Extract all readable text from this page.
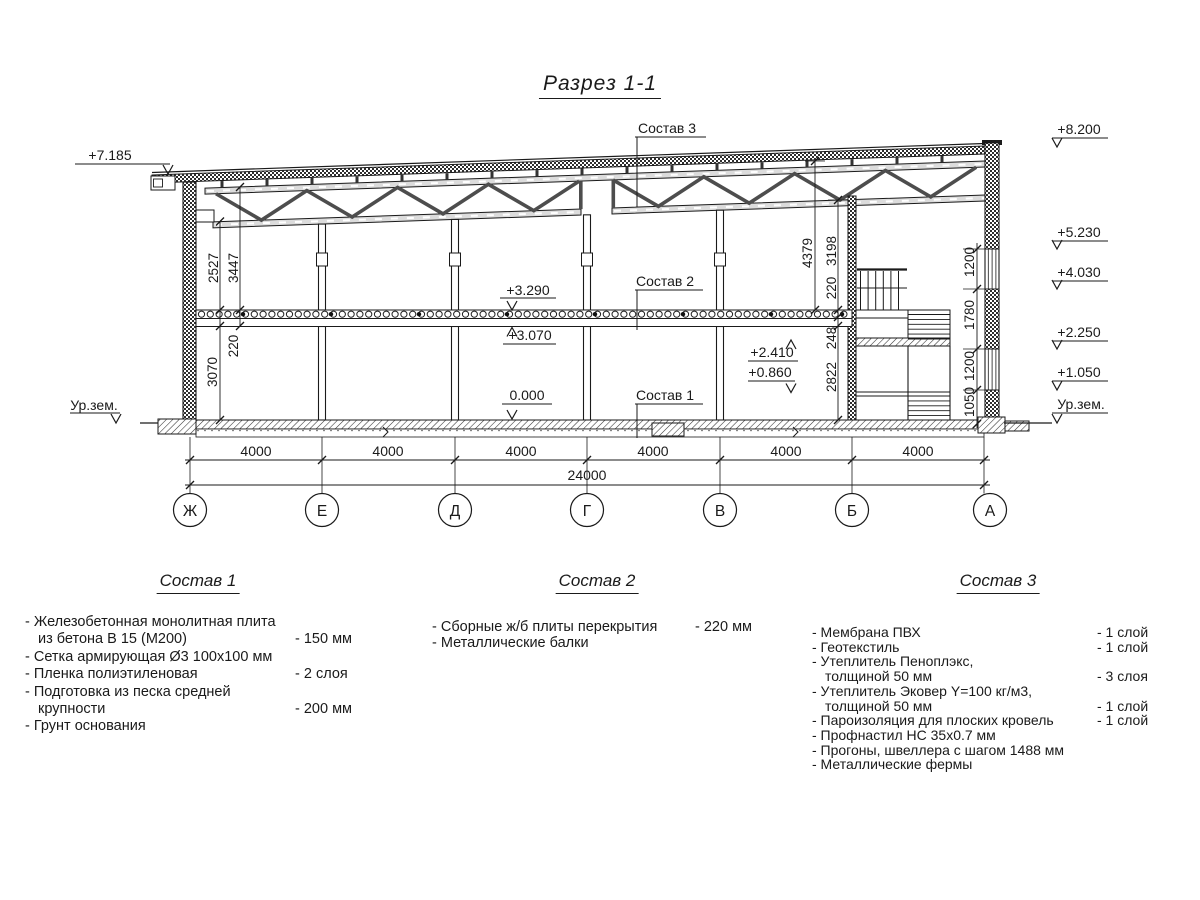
Разрез 1-1
Ж	Е	Д	Г	В	Б	А
+7.185
Ур.зем.
+8.200
+5.230
+4.030
+2.250
+1.050
Ур.зем.
Состав 3
Состав 2
Состав 1
+3.290
+3.070
0.000
+2.410
+0.860
2527 3447
220
3070
4379 3198
220
248
2822
1200
1780
1200
1050
4000	4000	4000	4000	4000	4000
24000
Состав 1	Состав 2	Состав 3
- Железобетонная монолитная плита
из бетона В 15 (М200)	- 150 мм
- Сетка армирующая Ø3 100х100 мм
- Пленка полиэтиленовая	- 2 слоя
- Подготовка из песка средней
крупности	- 200 мм
- Грунт основания
- Сборные ж/б плиты перекрытия	- 220 мм
- Металлические балки
- Мембрана ПВХ	- 1 слой
- Геотекстиль	- 1 слой
- Утеплитель Пеноплэкс,
толщиной 50 мм	- 3 слоя
- Утеплитель Эковер Y=100 кг/м3,
толщиной 50 мм	- 1 слой
- Пароизоляция для плоских кровель	- 1 слой
- Профнастил НС 35х0.7 мм
- Прогоны, швеллера с шагом 1488 мм
- Металлические фермы
